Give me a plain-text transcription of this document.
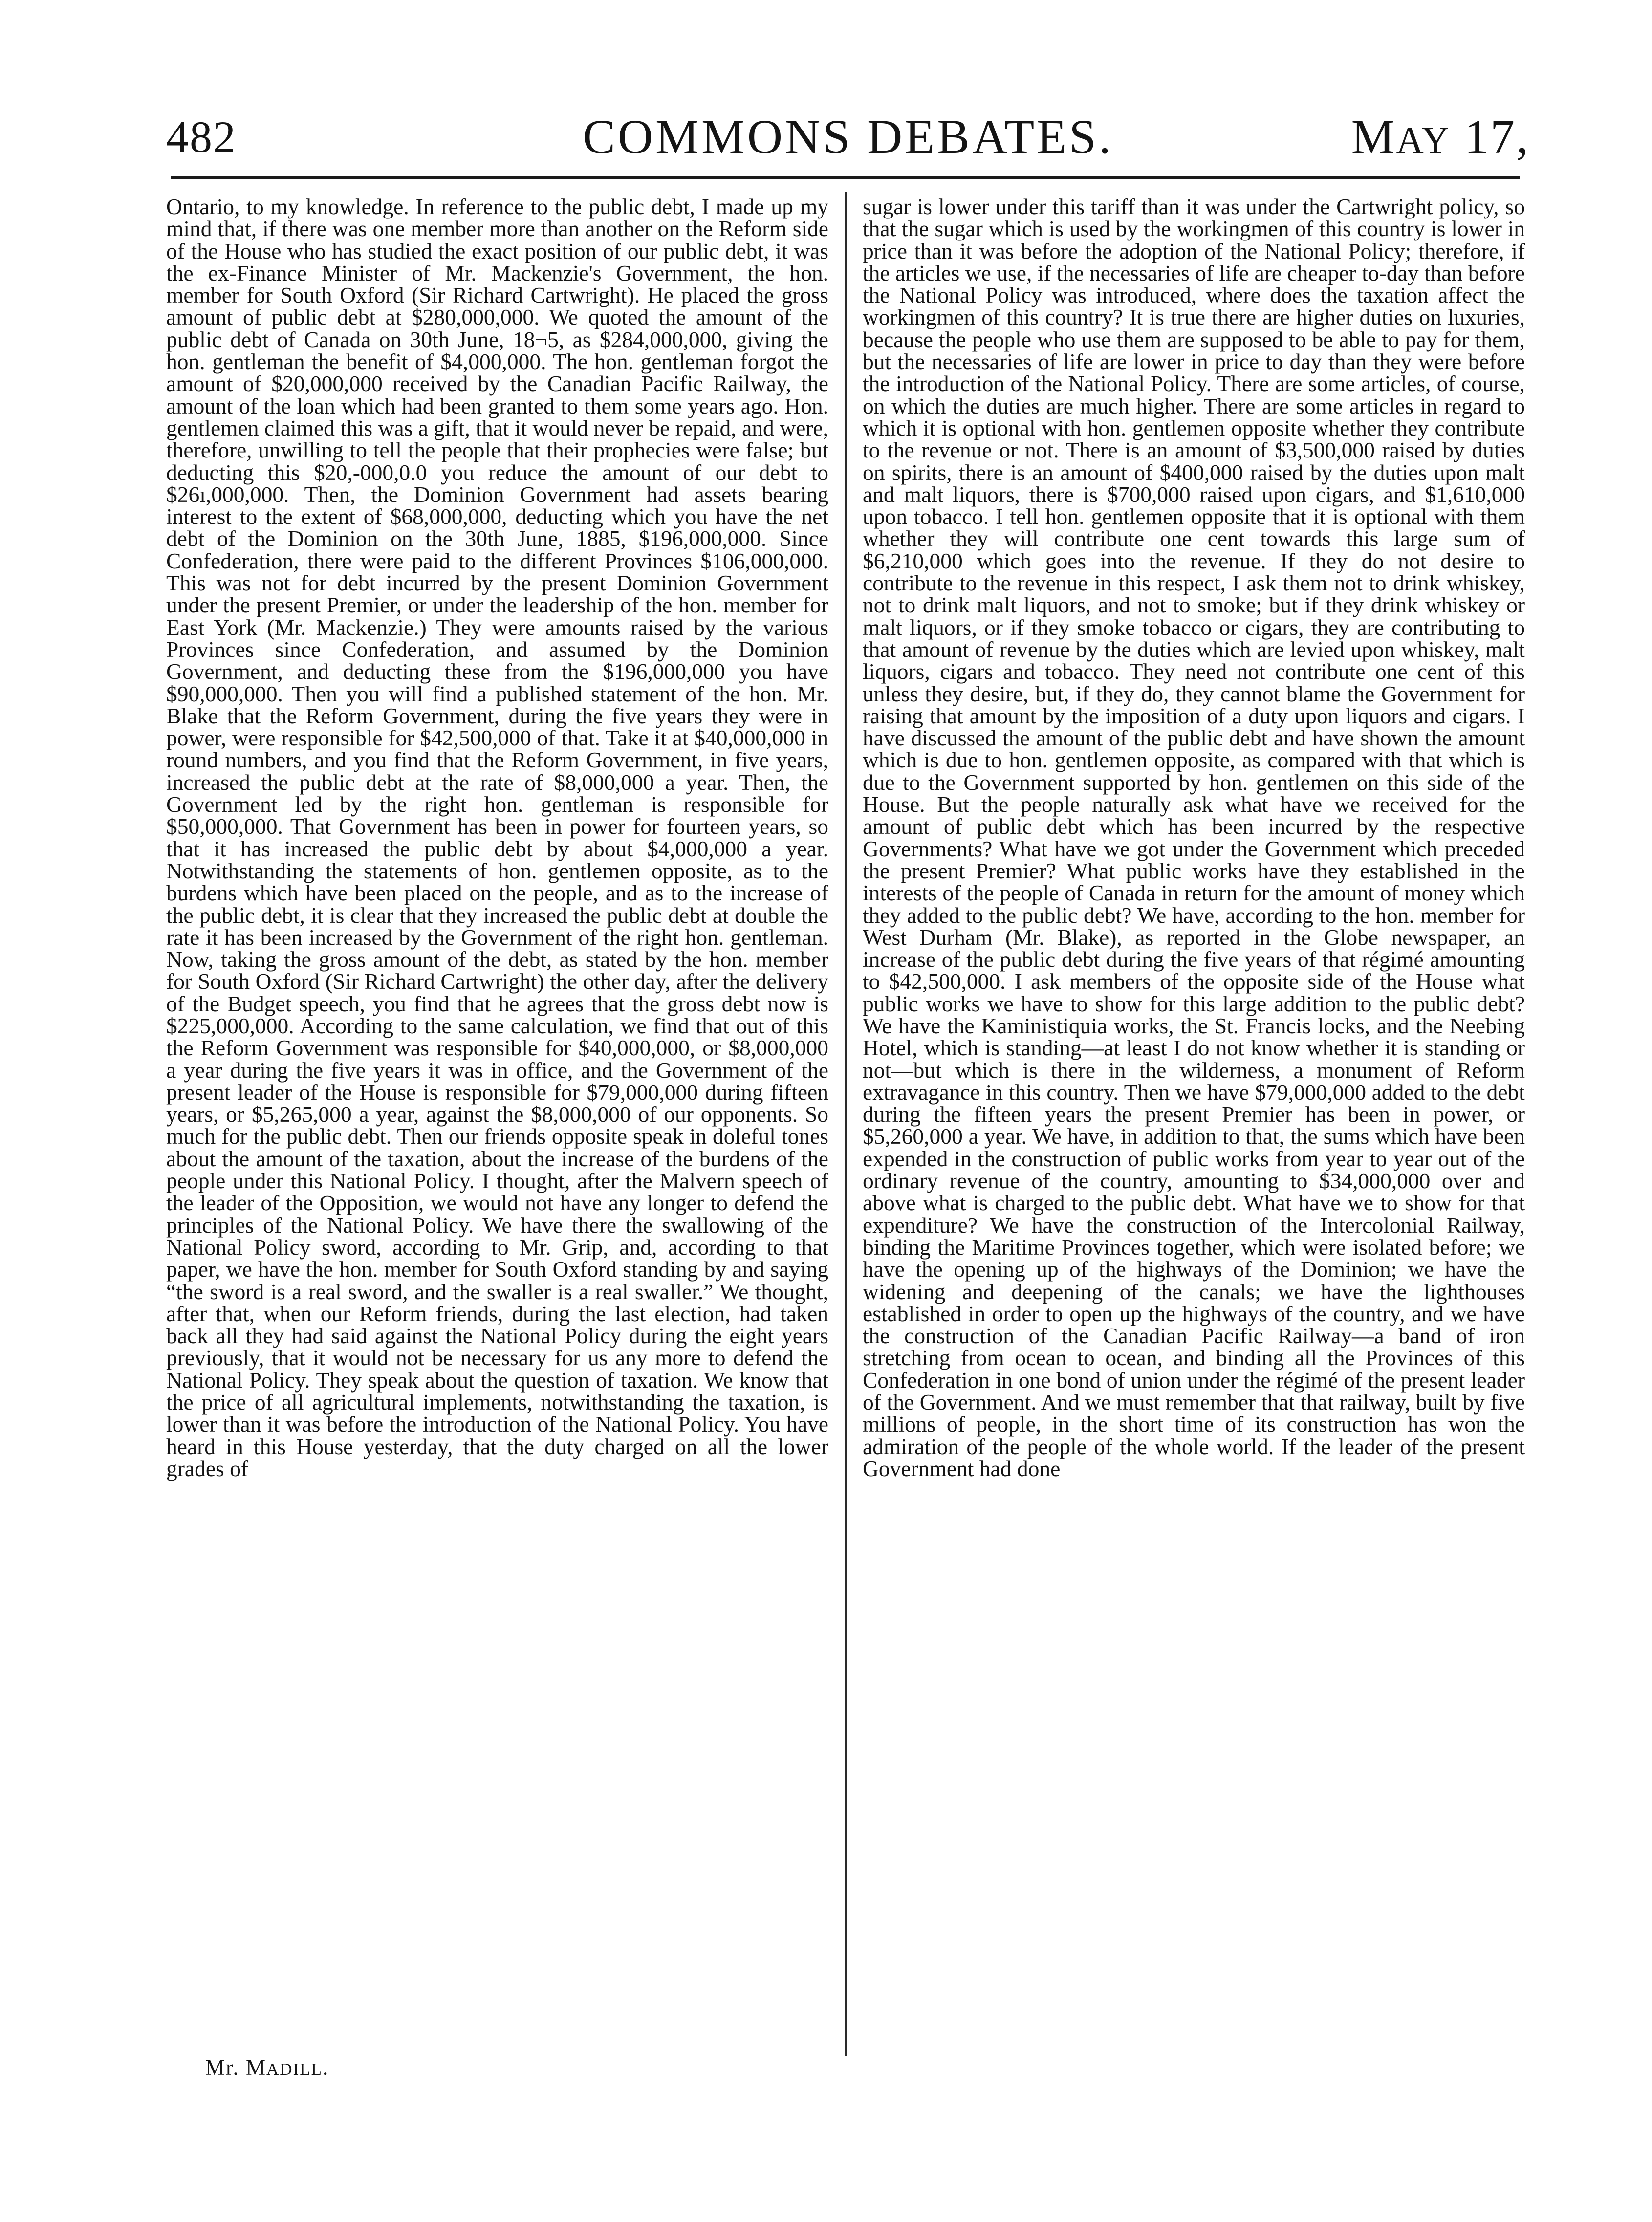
482	COMMONS DEBATES.	MAY 17,

Ontario, to my knowledge. In reference to the public debt, I made up my mind that, if there was one member more than another on the Reform side of the House who has studied the exact position of our public debt, it was the ex-Finance Minister of Mr. Mackenzie's Government, the hon. member for South Oxford (Sir Richard Cartwright). He placed the gross amount of public debt at $280,000,000. We quoted the amount of the public debt of Canada on 30th June, 18¬5, as $284,000,000, giving the hon. gentleman the benefit of $4,000,000. The hon. gentleman forgot the amount of $20,000,000 received by the Canadian Pacific Railway, the amount of the loan which had been granted to them some years ago. Hon. gentlemen claimed this was a gift, that it would never be repaid, and were, therefore, unwilling to tell the people that their prophecies were false; but deducting this $20,-000,0.0 you reduce the amount of our debt to $26ı,000,000. Then, the Dominion Government had assets bearing interest to the extent of $68,000,000, deducting which you have the net debt of the Dominion on the 30th June, 1885, $196,000,000. Since Confederation, there were paid to the different Provinces $106,000,000. This was not for debt incurred by the present Dominion Government under the present Premier, or under the leadership of the hon. member for East York (Mr. Mackenzie.) They were amounts raised by the various Provinces since Confederation, and assumed by the Dominion Government, and deducting these from the $196,000,000 you have $90,000,000. Then you will find a published statement of the hon. Mr. Blake that the Reform Government, during the five years they were in power, were responsible for $42,500,000 of that. Take it at $40,000,000 in round numbers, and you find that the Reform Government, in five years, increased the public debt at the rate of $8,000,000 a year. Then, the Government led by the right hon. gentleman is responsible for $50,000,000. That Government has been in power for fourteen years, so that it has increased the public debt by about $4,000,000 a year. Notwithstanding the statements of hon. gentlemen opposite, as to the burdens which have been placed on the people, and as to the increase of the public debt, it is clear that they increased the public debt at double the rate it has been increased by the Government of the right hon. gentleman. Now, taking the gross amount of the debt, as stated by the hon. member for South Oxford (Sir Richard Cartwright) the other day, after the delivery of the Budget speech, you find that he agrees that the gross debt now is $225,000,000. According to the same calculation, we find that out of this the Reform Government was responsible for $40,000,000, or $8,000,000 a year during the five years it was in office, and the Government of the present leader of the House is responsible for $79,000,000 during fifteen years, or $5,265,000 a year, against the $8,000,000 of our opponents. So much for the public debt. Then our friends opposite speak in doleful tones about the amount of the taxation, about the increase of the burdens of the people under this National Policy. I thought, after the Malvern speech of the leader of the Opposition, we would not have any longer to defend the principles of the National Policy. We have there the swallowing of the National Policy sword, according to Mr. Grip, and, according to that paper, we have the hon. member for South Oxford standing by and saying “the sword is a real sword, and the swaller is a real swaller.” We thought, after that, when our Reform friends, during the last election, had taken back all they had said against the National Policy during the eight years previously, that it would not be necessary for us any more to defend the National Policy. They speak about the question of taxation. We know that the price of all agricultural implements, notwithstanding the taxation, is lower than it was before the introduction of the National Policy. You have heard in this House yesterday, that the duty charged on all the lower grades of

sugar is lower under this tariff than it was under the Cartwright policy, so that the sugar which is used by the workingmen of this country is lower in price than it was before the adoption of the National Policy; therefore, if the articles we use, if the necessaries of life are cheaper to-day than before the National Policy was introduced, where does the taxation affect the workingmen of this country? It is true there are higher duties on luxuries, because the people who use them are supposed to be able to pay for them, but the necessaries of life are lower in price to day than they were before the introduction of the National Policy. There are some articles, of course, on which the duties are much higher. There are some articles in regard to which it is optional with hon. gentlemen opposite whether they contribute to the revenue or not. There is an amount of $3,500,000 raised by duties on spirits, there is an amount of $400,000 raised by the duties upon malt and malt liquors, there is $700,000 raised upon cigars, and $1,610,000 upon tobacco. I tell hon. gentlemen opposite that it is optional with them whether they will contribute one cent towards this large sum of $6,210,000 which goes into the revenue. If they do not desire to contribute to the revenue in this respect, I ask them not to drink whiskey, not to drink malt liquors, and not to smoke; but if they drink whiskey or malt liquors, or if they smoke tobacco or cigars, they are contributing to that amount of revenue by the duties which are levied upon whiskey, malt liquors, cigars and tobacco. They need not contribute one cent of this unless they desire, but, if they do, they cannot blame the Government for raising that amount by the imposition of a duty upon liquors and cigars. I have discussed the amount of the public debt and have shown the amount which is due to hon. gentlemen opposite, as compared with that which is due to the Government supported by hon. gentlemen on this side of the House. But the people naturally ask what have we received for the amount of public debt which has been incurred by the respective Governments? What have we got under the Government which preceded the present Premier? What public works have they established in the interests of the people of Canada in return for the amount of money which they added to the public debt? We have, according to the hon. member for West Durham (Mr. Blake), as reported in the Globe newspaper, an increase of the public debt during the five years of that régimé amounting to $42,500,000. I ask members of the opposite side of the House what public works we have to show for this large addition to the public debt? We have the Kaministiquia works, the St. Francis locks, and the Neebing Hotel, which is standing—at least I do not know whether it is standing or not—but which is there in the wilderness, a monument of Reform extravagance in this country. Then we have $79,000,000 added to the debt during the fifteen years the present Premier has been in power, or $5,260,000 a year. We have, in addition to that, the sums which have been expended in the construction of public works from year to year out of the ordinary revenue of the country, amounting to $34,000,000 over and above what is charged to the public debt. What have we to show for that expenditure? We have the construction of the Intercolonial Railway, binding the Maritime Provinces together, which were isolated before; we have the opening up of the highways of the Dominion; we have the widening and deepening of the canals; we have the lighthouses established in order to open up the highways of the country, and we have the construction of the Canadian Pacific Railway—a band of iron stretching from ocean to ocean, and binding all the Provinces of this Confederation in one bond of union under the régimé of the present leader of the Government. And we must remember that that railway, built by five millions of people, in the short time of its construction has won the admiration of the people of the whole world. If the leader of the present Government had done

Mr. MADILL.
